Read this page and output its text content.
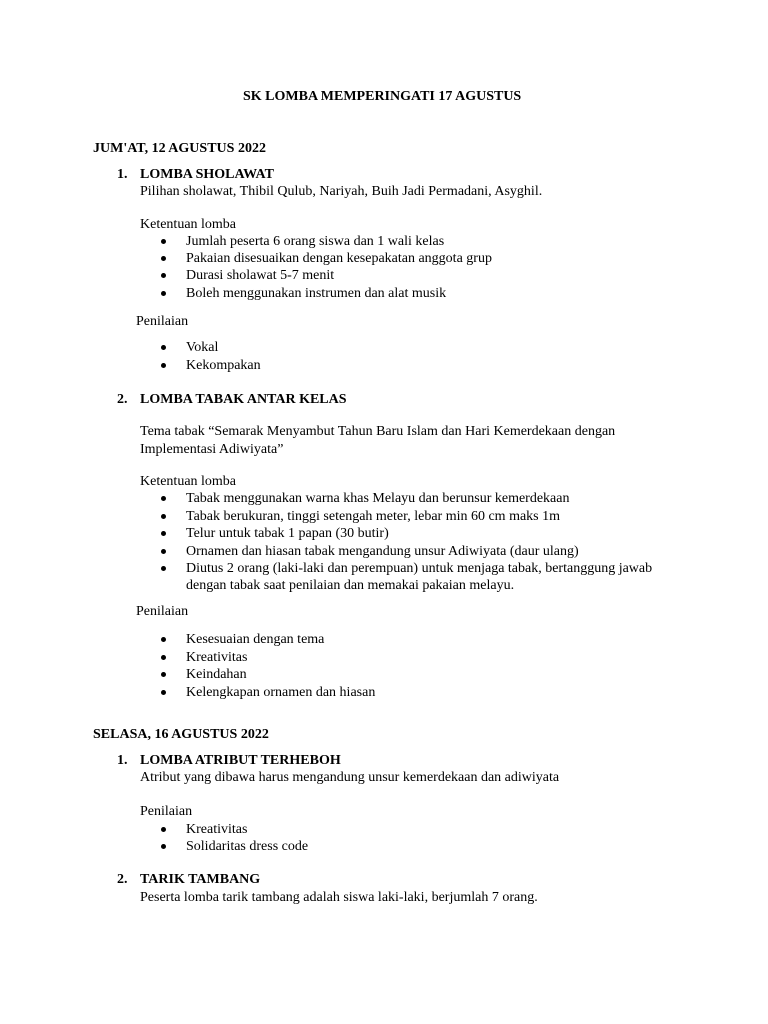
SK LOMBA MEMPERINGATI 17 AGUSTUS
JUM'AT, 12 AGUSTUS 2022
1. LOMBA SHOLAWAT
Pilihan sholawat, Thibil Qulub, Nariyah, Buih Jadi Permadani, Asyghil.
Ketentuan lomba
Jumlah peserta 6 orang siswa dan 1 wali kelas
Pakaian disesuaikan dengan kesepakatan anggota grup
Durasi sholawat 5-7 menit
Boleh menggunakan instrumen dan alat musik
Penilaian
Vokal
Kekompakan
2. LOMBA TABAK ANTAR KELAS
Tema tabak “Semarak Menyambut Tahun Baru Islam dan Hari Kemerdekaan dengan
Implementasi Adiwiyata”
Ketentuan lomba
Tabak menggunakan warna khas Melayu dan berunsur kemerdekaan
Tabak berukuran, tinggi setengah meter, lebar min 60 cm maks 1m
Telur untuk tabak 1 papan (30 butir)
Ornamen dan hiasan tabak mengandung unsur Adiwiyata (daur ulang)
Diutus 2 orang (laki-laki dan perempuan) untuk menjaga tabak, bertanggung jawab
dengan tabak saat penilaian dan memakai pakaian melayu.
Penilaian
Kesesuaian dengan tema
Kreativitas
Keindahan
Kelengkapan ornamen dan hiasan
SELASA, 16 AGUSTUS 2022
1. LOMBA ATRIBUT TERHEBOH
Atribut yang dibawa harus mengandung unsur kemerdekaan dan adiwiyata
Penilaian
Kreativitas
Solidaritas dress code
2. TARIK TAMBANG
Peserta lomba tarik tambang adalah siswa laki-laki, berjumlah 7 orang.
